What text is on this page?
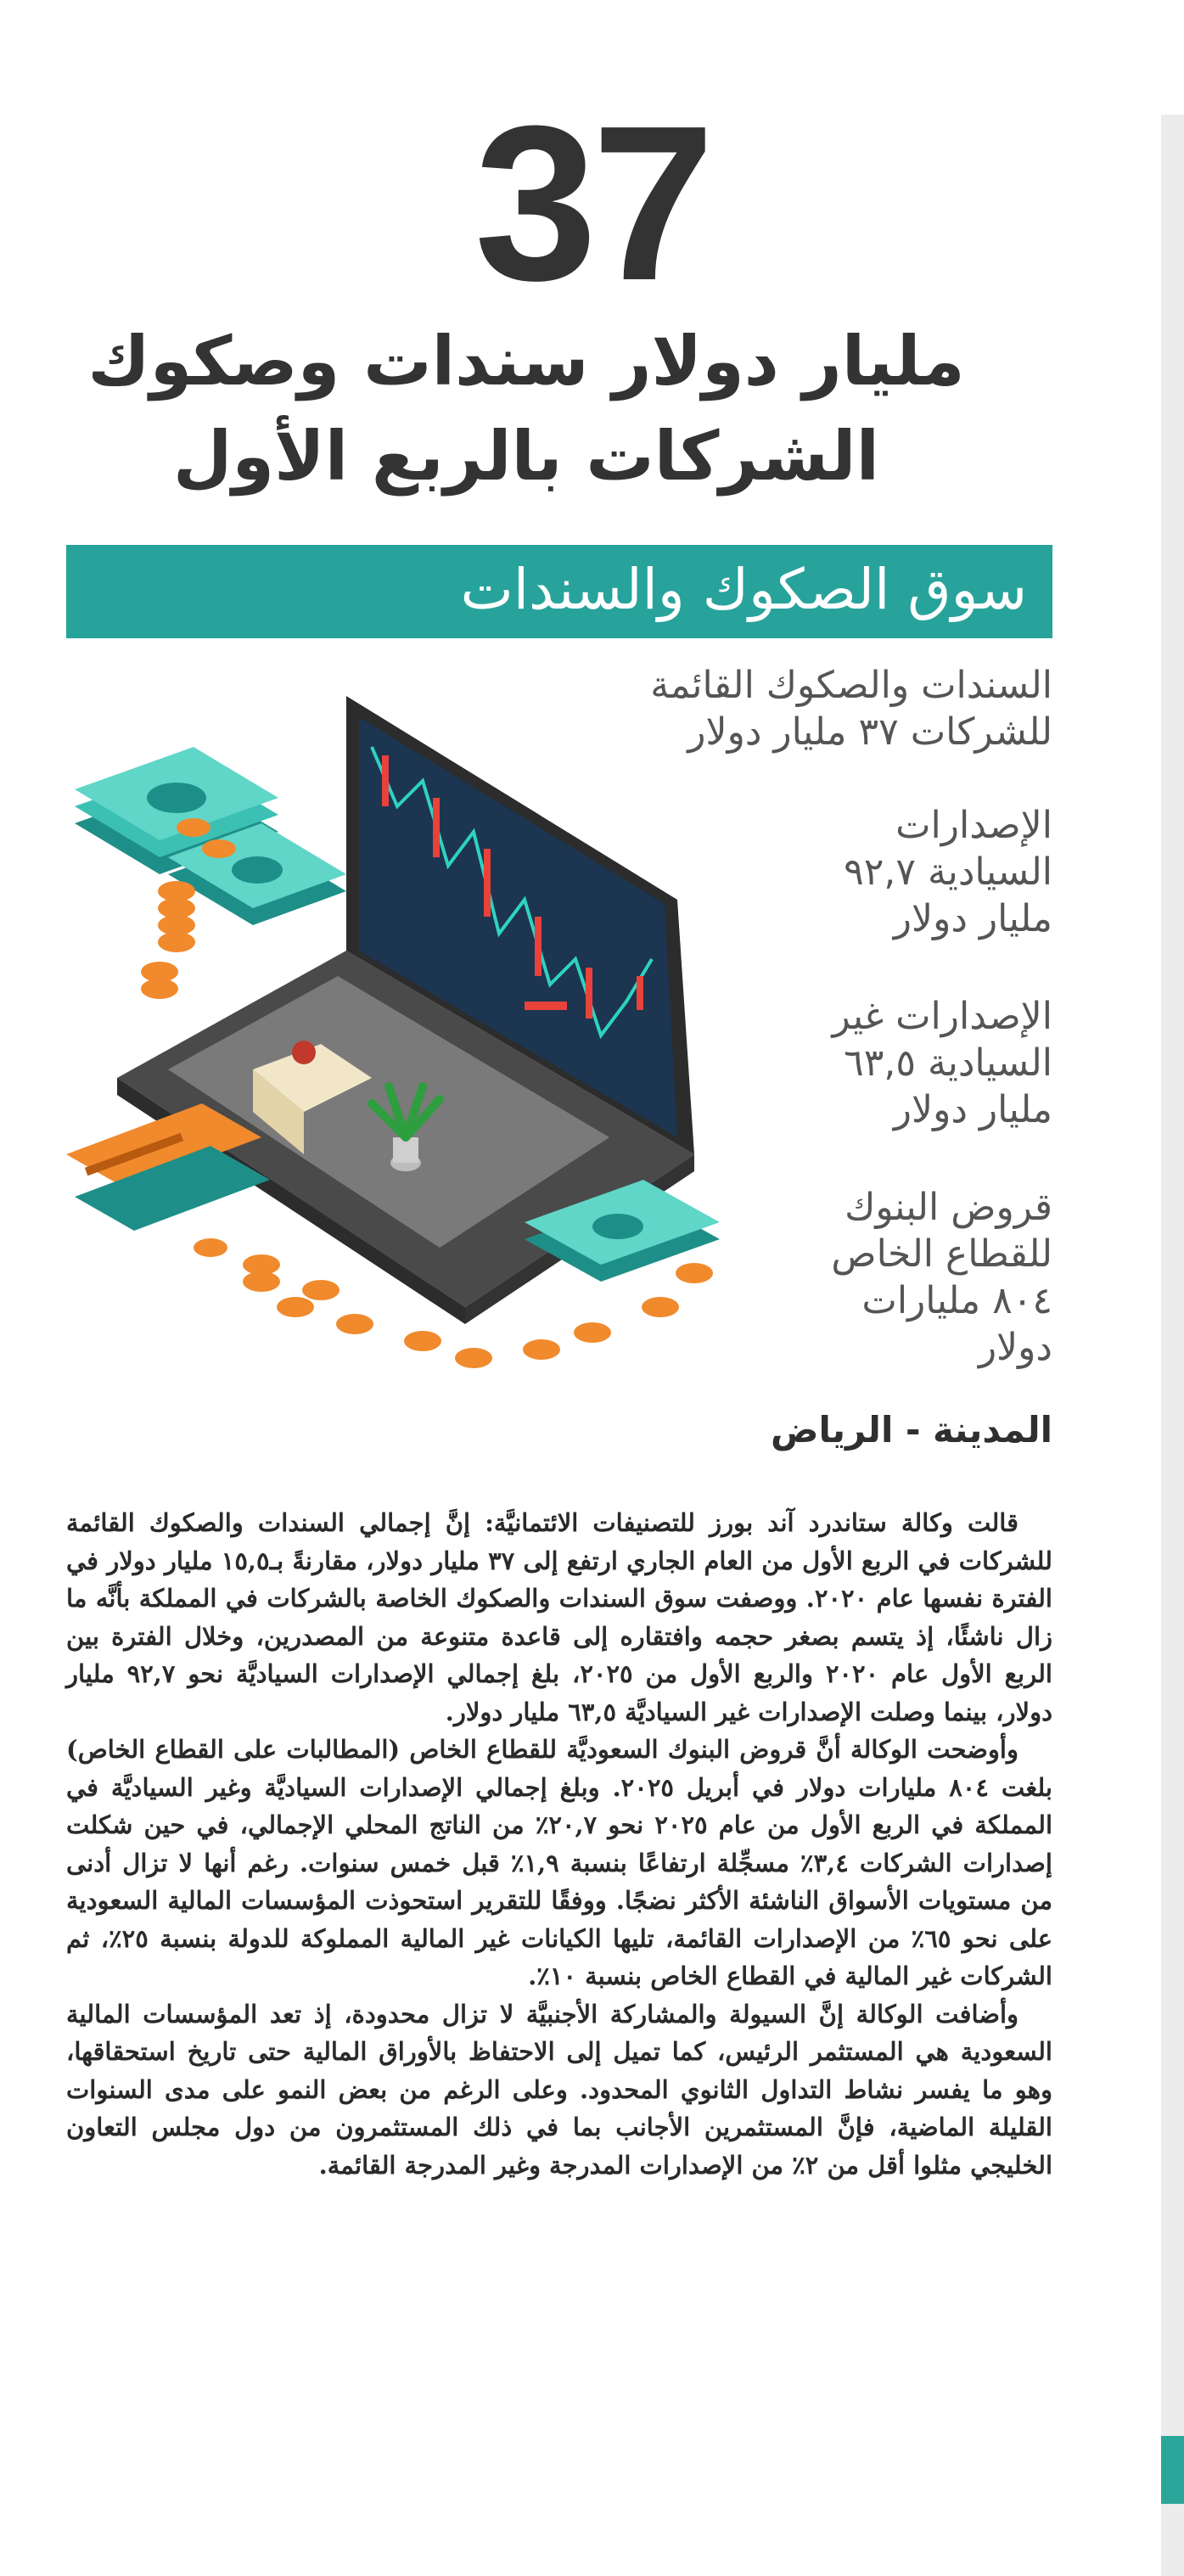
37
مليار دولار سندات وصكوك الشركات بالربع الأول
سوق الصكوك والسندات
السندات والصكوك القائمة للشركات ٣٧ مليار دولار
الإصدارات السيادية ٩٢,٧ مليار دولار
الإصدارات غير السيادية ٦٣,٥ مليار دولار
قروض البنوك للقطاع الخاص ٨٠٤ مليارات دولار
المدينة - الرياض

قالت وكالة ستاندرد آند بورز للتصنيفات الائتمانيَّة: إنَّ إجمالي السندات والصكوك القائمة للشركات في الربع الأول من العام الجاري ارتفع إلى ٣٧ مليار دولار، مقارنةً بـ١٥,٥ مليار دولار في الفترة نفسها عام ٢٠٢٠. ووصفت سوق السندات والصكوك الخاصة بالشركات في المملكة بأنَّه ما زال ناشئًا، إذ يتسم بصغر حجمه وافتقاره إلى قاعدة متنوعة من المصدرين، وخلال الفترة بين الربع الأول عام ٢٠٢٠ والربع الأول من ٢٠٢٥، بلغ إجمالي الإصدارات السياديَّة نحو ٩٢,٧ مليار دولار، بينما وصلت الإصدارات غير السياديَّة ٦٣,٥ مليار دولار.

وأوضحت الوكالة أنَّ قروض البنوك السعوديَّة للقطاع الخاص (المطالبات على القطاع الخاص) بلغت ٨٠٤ مليارات دولار في أبريل ٢٠٢٥. وبلغ إجمالي الإصدارات السياديَّة وغير السياديَّة في المملكة في الربع الأول من عام ٢٠٢٥ نحو ٢٠,٧٪ من الناتج المحلي الإجمالي، في حين شكلت إصدارات الشركات ٣,٤٪ مسجِّلة ارتفاعًا بنسبة ١,٩٪ قبل خمس سنوات. رغم أنها لا تزال أدنى من مستويات الأسواق الناشئة الأكثر نضجًا. ووفقًا للتقرير استحوذت المؤسسات المالية السعودية على نحو ٦٥٪ من الإصدارات القائمة، تليها الكيانات غير المالية المملوكة للدولة بنسبة ٢٥٪، ثم الشركات غير المالية في القطاع الخاص بنسبة ١٠٪.

وأضافت الوكالة إنَّ السيولة والمشاركة الأجنبيَّة لا تزال محدودة، إذ تعد المؤسسات المالية السعودية هي المستثمر الرئيس، كما تميل إلى الاحتفاظ بالأوراق المالية حتى تاريخ استحقاقها، وهو ما يفسر نشاط التداول الثانوي المحدود. وعلى الرغم من بعض النمو على مدى السنوات القليلة الماضية، فإنَّ المستثمرين الأجانب بما في ذلك المستثمرون من دول مجلس التعاون الخليجي مثلوا أقل من ٢٪ من الإصدارات المدرجة وغير المدرجة القائمة.
